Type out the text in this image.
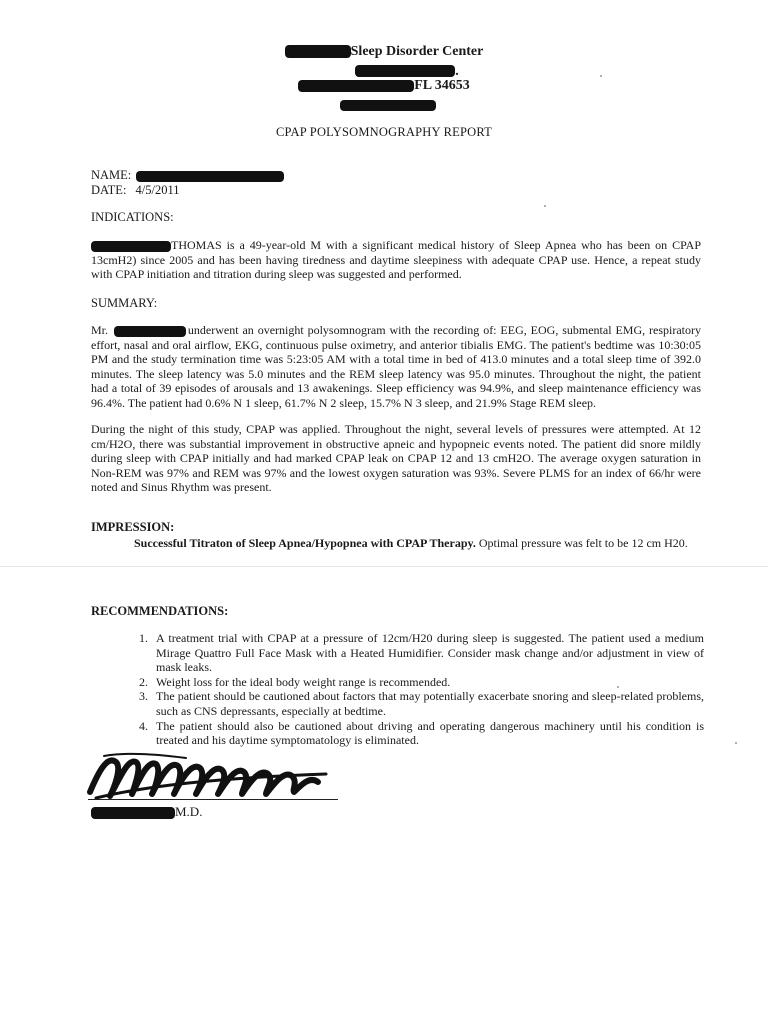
Sleep Disorder Center
.
FL 34653
CPAP POLYSOMNOGRAPHY REPORT
NAME:
DATE: 4/5/2011
INDICATIONS:
THOMAS is a 49-year-old M with a significant medical history of Sleep Apnea who has been on CPAP 13cmH2) since 2005 and has been having tiredness and daytime sleepiness with adequate CPAP use. Hence, a repeat study with CPAP initiation and titration during sleep was suggested and performed.
SUMMARY:
Mr.	underwent an overnight polysomnogram with the recording of: EEG, EOG, submental EMG, respiratory effort, nasal and oral airflow, EKG, continuous pulse oximetry, and anterior tibialis EMG. The patient's bedtime was 10:30:05 PM and the study termination time was 5:23:05 AM with a total time in bed of 413.0 minutes and a total sleep time of 392.0 minutes. The sleep latency was 5.0 minutes and the REM sleep latency was 95.0 minutes. Throughout the night, the patient had a total of 39 episodes of arousals and 13 awakenings. Sleep efficiency was 94.9%, and sleep maintenance efficiency was 96.4%. The patient had 0.6% N 1 sleep, 61.7% N 2 sleep, 15.7% N 3 sleep, and 21.9% Stage REM sleep.
During the night of this study, CPAP was applied. Throughout the night, several levels of pressures were attempted. At 12 cm/H2O, there was substantial improvement in obstructive apneic and hypopneic events noted. The patient did snore mildly during sleep with CPAP initially and had marked CPAP leak on CPAP 12 and 13 cmH2O. The average oxygen saturation in Non-REM was 97% and REM was 97% and the lowest oxygen saturation was 93%. Severe PLMS for an index of 66/hr were noted and Sinus Rhythm was present.
IMPRESSION:
Successful Titraton of Sleep Apnea/Hypopnea with CPAP Therapy. Optimal pressure was felt to be 12 cm H20.
RECOMMENDATIONS:
1. A treatment trial with CPAP at a pressure of 12cm/H20 during sleep is suggested. The patient used a medium Mirage Quattro Full Face Mask with a Heated Humidifier. Consider mask change and/or adjustment in view of mask leaks.
2. Weight loss for the ideal body weight range is recommended.
3. The patient should be cautioned about factors that may potentially exacerbate snoring and sleep-related problems, such as CNS depressants, especially at bedtime.
4. The patient should also be cautioned about driving and operating dangerous machinery until his condition is treated and his daytime symptomatology is eliminated.
M.D.
